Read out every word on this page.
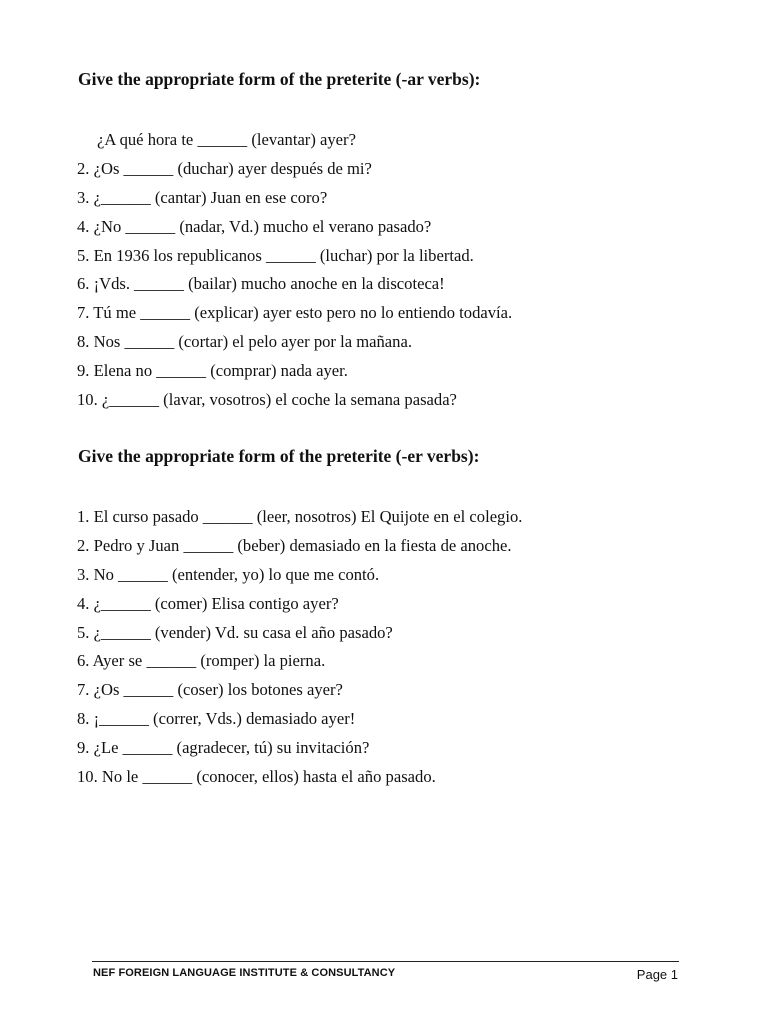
Give the appropriate form of the preterite (-ar verbs):
¿A qué hora te ______ (levantar) ayer?
2. ¿Os ______ (duchar) ayer después de mi?
3. ¿______ (cantar) Juan en ese coro?
4. ¿No ______ (nadar, Vd.) mucho el verano pasado?
5. En 1936 los republicanos ______ (luchar) por la libertad.
6. ¡Vds. ______ (bailar) mucho anoche en la discoteca!
7. Tú me ______ (explicar) ayer esto pero no lo entiendo todavía.
8. Nos ______ (cortar) el pelo ayer por la mañana.
9. Elena no ______ (comprar) nada ayer.
10. ¿______ (lavar, vosotros) el coche la semana pasada?
Give the appropriate form of the preterite (-er verbs):
1. El curso pasado ______ (leer, nosotros) El Quijote en el colegio.
2. Pedro y Juan ______ (beber) demasiado en la fiesta de anoche.
3. No ______ (entender, yo) lo que me contó.
4. ¿______ (comer) Elisa contigo ayer?
5. ¿______ (vender) Vd. su casa el año pasado?
6. Ayer se ______ (romper) la pierna.
7. ¿Os ______ (coser) los botones ayer?
8. ¡______ (correr, Vds.) demasiado ayer!
9. ¿Le ______ (agradecer, tú) su invitación?
10. No le ______ (conocer, ellos) hasta el año pasado.
NEF FOREIGN LANGUAGE INSTITUTE & CONSULTANCY	Page 1
